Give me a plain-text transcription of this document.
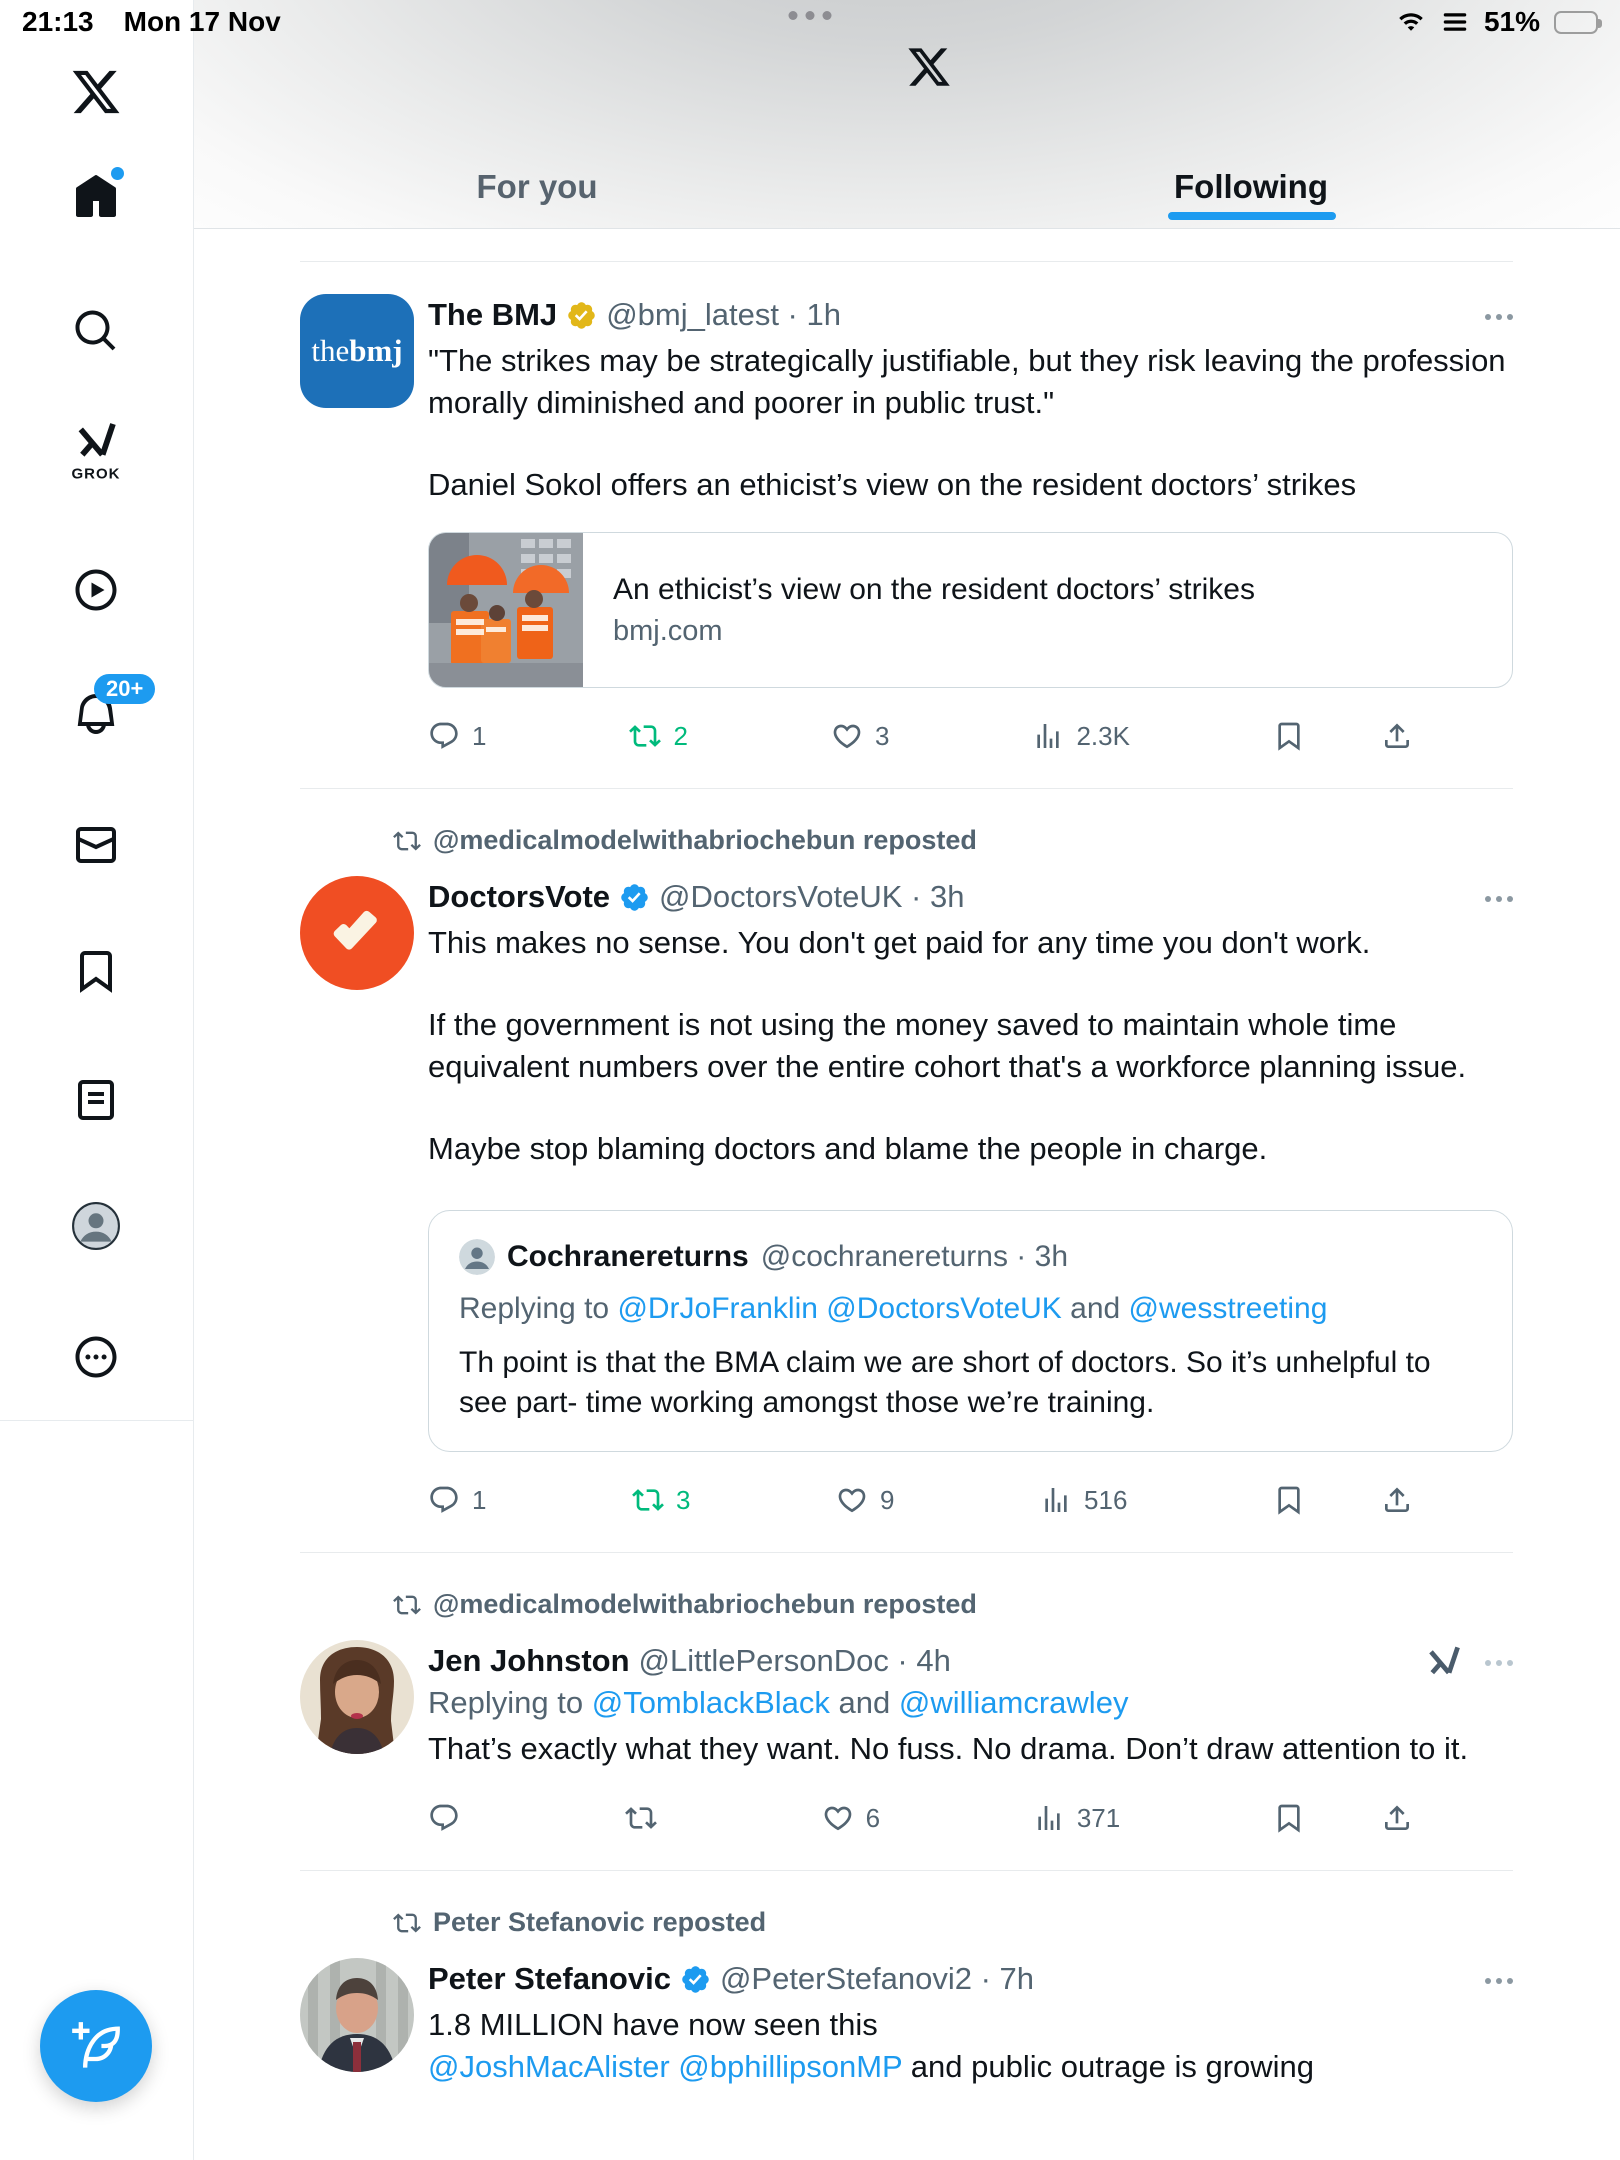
21:13 Mon 17 Nov	51%
GROK
20+
For you	Following
thebmj
The BMJ @bmj_latest · 1h
"The strikes may be strategically justifiable, but they risk leaving the profession morally diminished and poorer in public trust."
Daniel Sokol offers an ethicist’s view on the resident doctors’ strikes
An ethicist’s view on the resident doctors’ strikes
bmj.com
1	2	3	2.3K
@medicalmodelwithabriochebun reposted
DoctorsVote @DoctorsVoteUK · 3h
This makes no sense. You don't get paid for any time you don't work.
If the government is not using the money saved to maintain whole time equivalent numbers over the entire cohort that's a workforce planning issue.
Maybe stop blaming doctors and blame the people in charge.
Cochranereturns @cochranereturns · 3h
Replying to @DrJoFranklin @DoctorsVoteUK and @wesstreeting
Th point is that the BMA claim we are short of doctors. So it’s unhelpful to see part- time working amongst those we’re training.
1	3	9	516
@medicalmodelwithabriochebun reposted
Jen Johnston @LittlePersonDoc · 4h
Replying to @TomblackBlack and @williamcrawley
That’s exactly what they want. No fuss. No drama. Don’t draw attention to it.
6	371
Peter Stefanovic reposted
Peter Stefanovic @PeterStefanovi2 · 7h
1.8 MILLION have now seen this
@JoshMacAlister @bphillipsonMP and public outrage is growing
